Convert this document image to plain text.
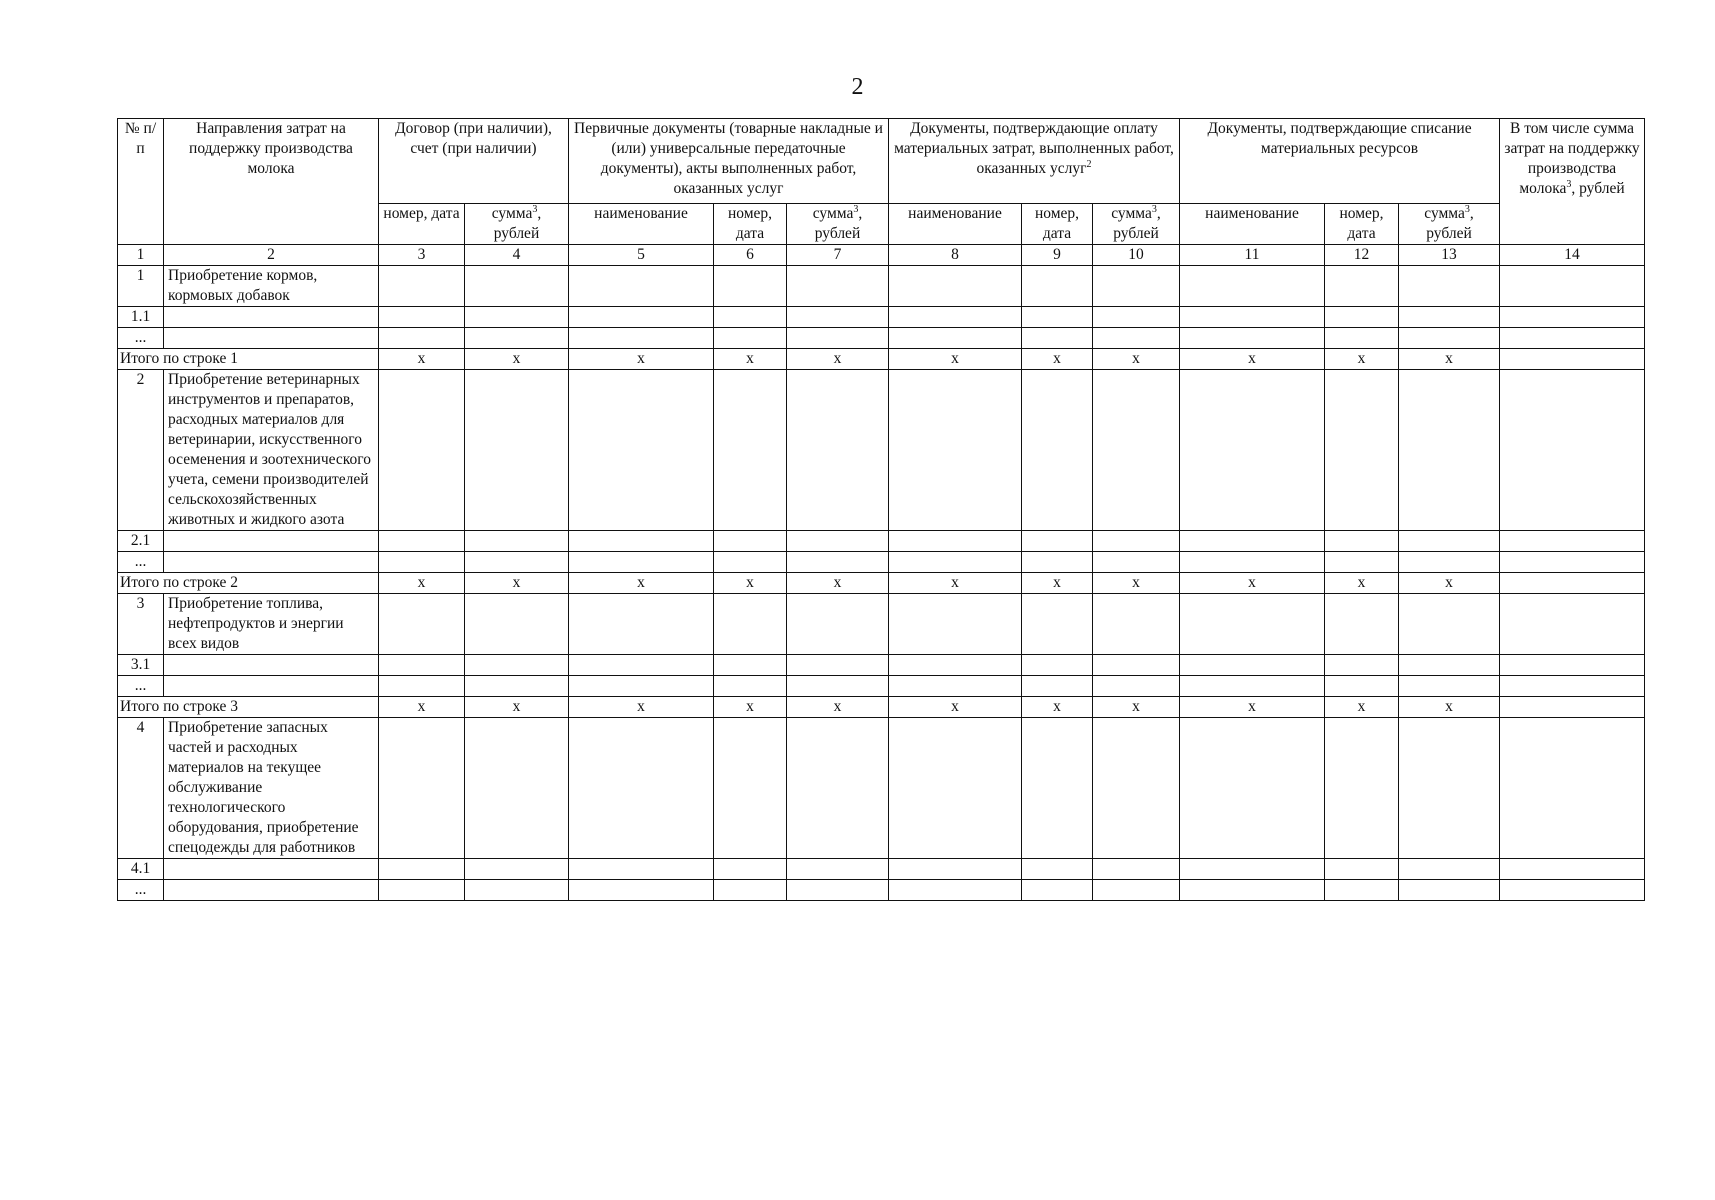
2
№ п/п	Направления затрат на поддержку производства молока	Договор (при наличии), счет (при наличии)		Первичные документы (товарные накладные и (или) универсальные передаточные документы), акты выполненных работ, оказанных услуг			Документы, подтверждающие оплату материальных затрат, выполненных работ, оказанных услуг$^2$			Документы, подтверждающие списание материальных ресурсов			В том числе сумма затрат на поддержку производства молока$^3$, рублей
		номер, дата	сумма$^3$, рублей	наименование	номер, дата	сумма$^3$, рублей	наименование	номер, дата	сумма$^3$, рублей	наименование	номер, дата	сумма$^3$, рублей	
1	2	3	4	5	6	7	8	9	10	11	12	13	14
1	Приобретение кормов, кормовых добавок												
1.1													
...													
Итого по строке 1		x	x	x	x	x	x	x	x	x	x	x	
2	Приобретение ветеринарных инструментов и препаратов, расходных материалов для ветеринарии, искусственного осеменения и зоотехнического учета, семени производителей сельскохозяйственных животных и жидкого азота												
2.1													
...													
Итого по строке 2		x	x	x	x	x	x	x	x	x	x	x	
3	Приобретение топлива, нефтепродуктов и энергии всех видов												
3.1													
...													
Итого по строке 3		x	x	x	x	x	x	x	x	x	x	x	
4	Приобретение запасных частей и расходных материалов на текущее обслуживание технологического оборудования, приобретение спецодежды для работников												
4.1													
...													
